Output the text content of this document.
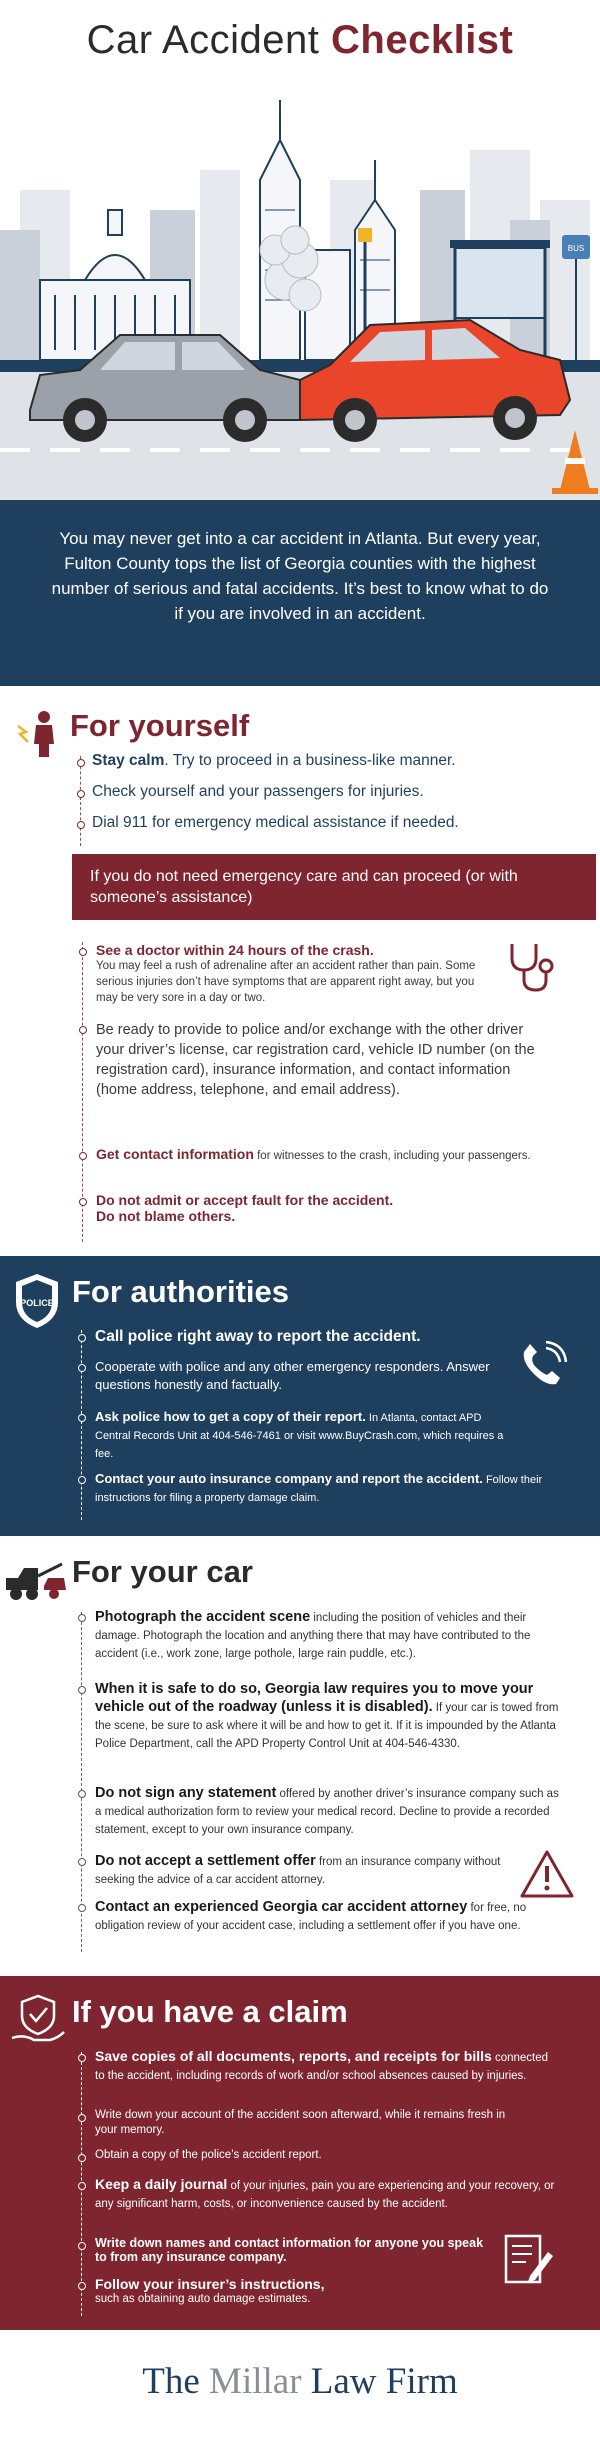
Car Accident Checklist
BUS

You may never get into a car accident in Atlanta. But every year, Fulton County tops the list of Georgia counties with the highest number of serious and fatal accidents. It’s best to know what to do if you are involved in an accident.

For yourself
Stay calm. Try to proceed in a business-like manner.
Check yourself and your passengers for injuries.
Dial 911 for emergency medical assistance if needed.
If you do not need emergency care and can proceed (or with someone’s assistance)
See a doctor within 24 hours of the crash.
You may feel a rush of adrenaline after an accident rather than pain. Some serious injuries don’t have symptoms that are apparent right away, but you may be very sore in a day or two.
Be ready to provide to police and/or exchange with the other driver your driver’s license, car registration card, vehicle ID number (on the registration card), insurance information, and contact information (home address, telephone, and email address).
Get contact information for witnesses to the crash, including your passengers.
Do not admit or accept fault for the accident.
Do not blame others.
POLICE For authorities
Call police right away to report the accident.
Cooperate with police and any other emergency responders. Answer questions honestly and factually.
Ask police how to get a copy of their report. In Atlanta, contact APD Central Records Unit at 404-546-7461 or visit www.BuyCrash.com, which requires a fee.
Contact your auto insurance company and report the accident. Follow their instructions for filing a property damage claim.
For your car
Photograph the accident scene including the position of vehicles and their damage. Photograph the location and anything there that may have contributed to the accident (i.e., work zone, large pothole, large rain puddle, etc.).
When it is safe to do so, Georgia law requires you to move your vehicle out of the roadway (unless it is disabled). If your car is towed from the scene, be sure to ask where it will be and how to get it. If it is impounded by the Atlanta Police Department, call the APD Property Control Unit at 404-546-4330.
Do not sign any statement offered by another driver’s insurance company such as a medical authorization form to review your medical record. Decline to provide a recorded statement, except to your own insurance company.
Do not accept a settlement offer from an insurance company without seeking the advice of a car accident attorney.
Contact an experienced Georgia car accident attorney for free, no obligation review of your accident case, including a settlement offer if you have one.
If you have a claim
Save copies of all documents, reports, and receipts for bills connected to the accident, including records of work and/or school absences caused by injuries.
Write down your account of the accident soon afterward, while it remains fresh in your memory.
Obtain a copy of the police’s accident report.
Keep a daily journal of your injuries, pain you are experiencing and your recovery, or any significant harm, costs, or inconvenience caused by the accident.
Write down names and contact information for anyone you speak to from any insurance company.
Follow your insurer’s instructions,
such as obtaining auto damage estimates.
The Millar Law Firm
